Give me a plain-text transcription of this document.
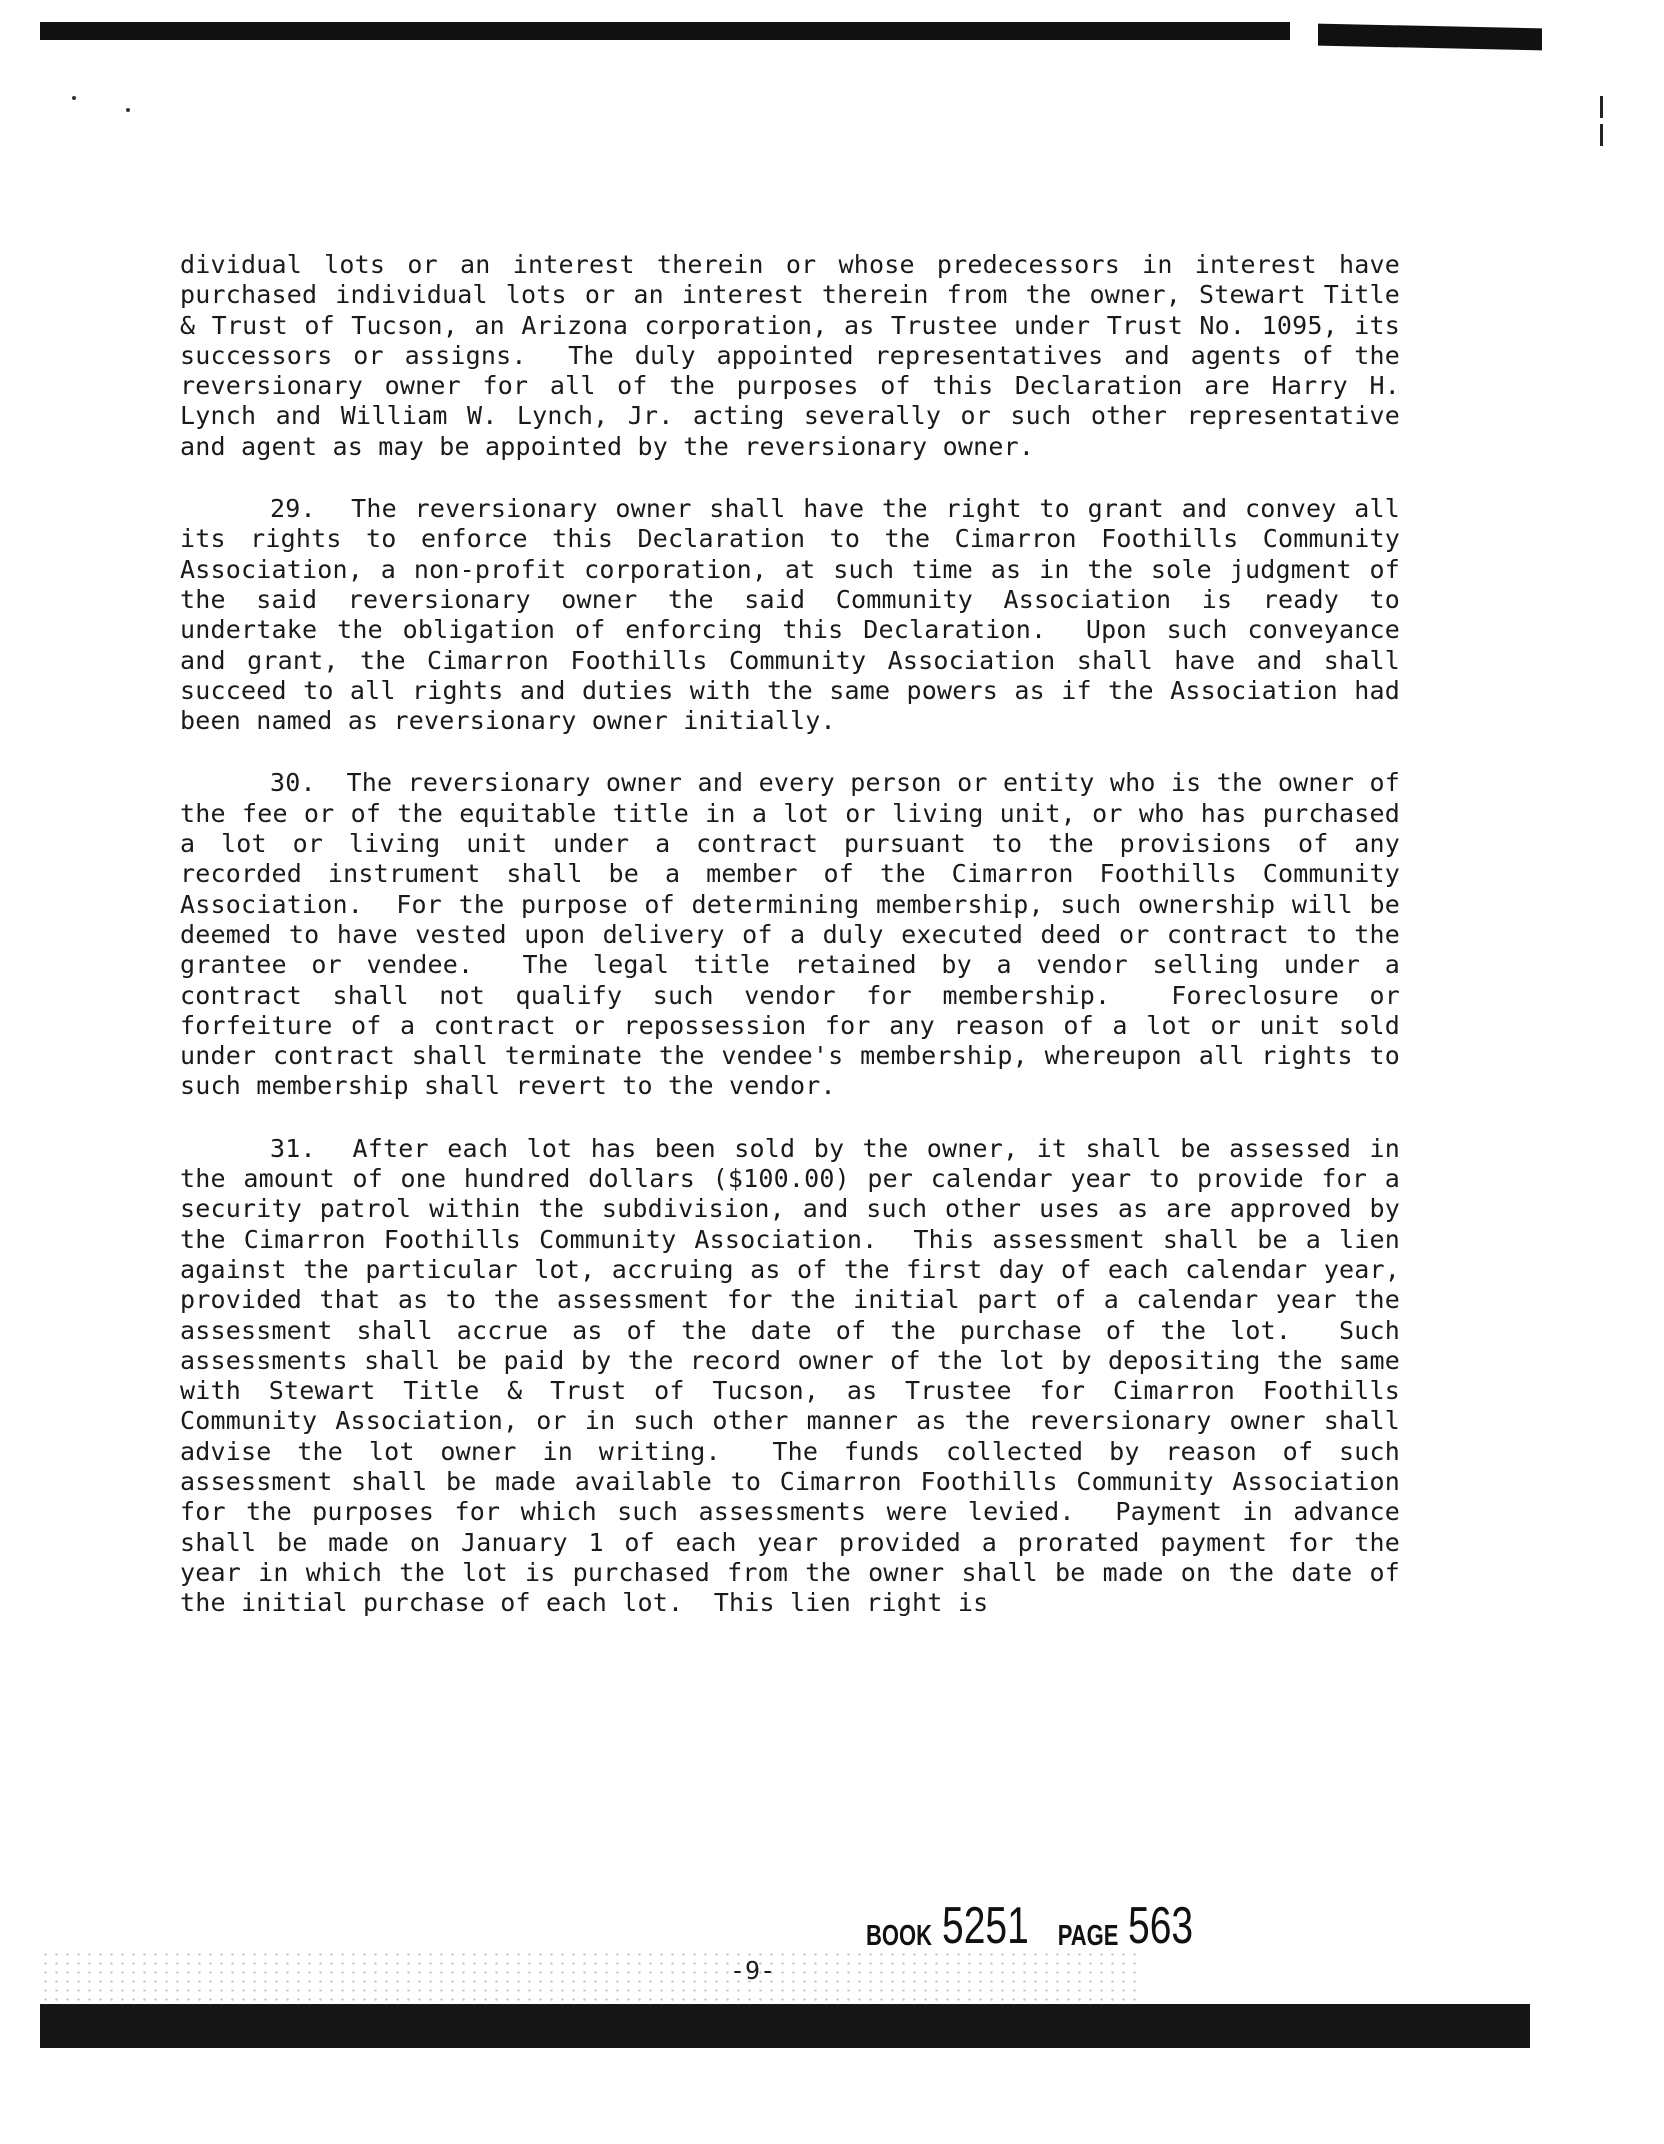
dividual lots or an interest therein or whose predecessors in interest have purchased individual lots or an interest therein from the owner, Stewart Title & Trust of Tucson, an Arizona corporation, as Trustee under Trust No. 1095, its successors or assigns.  The duly appointed representatives and agents of the reversionary owner for all of the purposes of this Declaration are Harry H. Lynch and William W. Lynch, Jr. acting severally or such other representative and agent as may be appointed by the reversionary owner.

29.  The reversionary owner shall have the right to grant and convey all its rights to enforce this Declaration to the Cimarron Foothills Community Association, a non-profit corporation, at such time as in the sole judgment of the said reversionary owner the said Community Association is ready to undertake the obligation of enforcing this Declaration.  Upon such conveyance and grant, the Cimarron Foothills Community Association shall have and shall succeed to all rights and duties with the same powers as if the Association had been named as reversionary owner initially.

30.  The reversionary owner and every person or entity who is the owner of the fee or of the equitable title in a lot or living unit, or who has purchased a lot or living unit under a contract pursuant to the provisions of any recorded instrument shall be a member of the Cimarron Foothills Community Association.  For the purpose of determining membership, such ownership will be deemed to have vested upon delivery of a duly executed deed or contract to the grantee or vendee.  The legal title retained by a vendor selling under a contract shall not qualify such vendor for membership.  Foreclosure or forfeiture of a contract or repossession for any reason of a lot or unit sold under contract shall terminate the vendee's membership, whereupon all rights to such membership shall revert to the vendor.

31.  After each lot has been sold by the owner, it shall be assessed in the amount of one hundred dollars ($100.00) per calendar year to provide for a security patrol within the subdivision, and such other uses as are approved by the Cimarron Foothills Community Association.  This assessment shall be a lien against the particular lot, accruing as of the first day of each calendar year, provided that as to the assessment for the initial part of a calendar year the assessment shall accrue as of the date of the purchase of the lot.  Such assessments shall be paid by the record owner of the lot by depositing the same with Stewart Title & Trust of Tucson, as Trustee for Cimarron Foothills Community Association, or in such other manner as the reversionary owner shall advise the lot owner in writing.  The funds collected by reason of such assessment shall be made available to Cimarron Foothills Community Association for the purposes for which such assessments were levied.  Payment in advance shall be made on January 1 of each year provided a prorated payment for the year in which the lot is purchased from the owner shall be made on the date of the initial purchase of each lot.  This lien right is

BOOK 5251 PAGE 563
-9-
